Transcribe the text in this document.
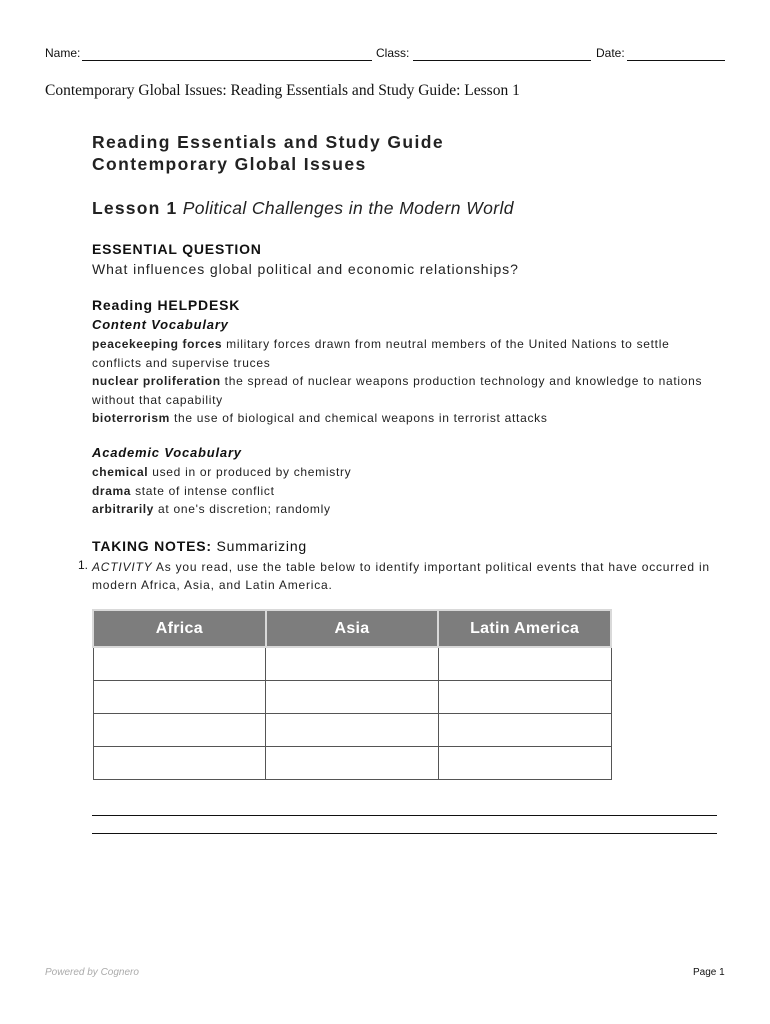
Name:	Class:	Date:
Contemporary Global Issues: Reading Essentials and Study Guide: Lesson 1
Reading Essentials and Study Guide
Contemporary Global Issues
Lesson 1 Political Challenges in the Modern World
ESSENTIAL QUESTION
What influences global political and economic relationships?
Reading HELPDESK
Content Vocabulary
peacekeeping forces military forces drawn from neutral members of the United Nations to settle conflicts and supervise truces
nuclear proliferation the spread of nuclear weapons production technology and knowledge to nations without that capability
bioterrorism the use of biological and chemical weapons in terrorist attacks
Academic Vocabulary
chemical used in or produced by chemistry
drama state of intense conflict
arbitrarily at one's discretion; randomly
TAKING NOTES: Summarizing
1. ACTIVITY As you read, use the table below to identify important political events that have occurred in modern Africa, Asia, and Latin America.
Africa	Asia	Latin America

Powered by Cognero	Page 1
